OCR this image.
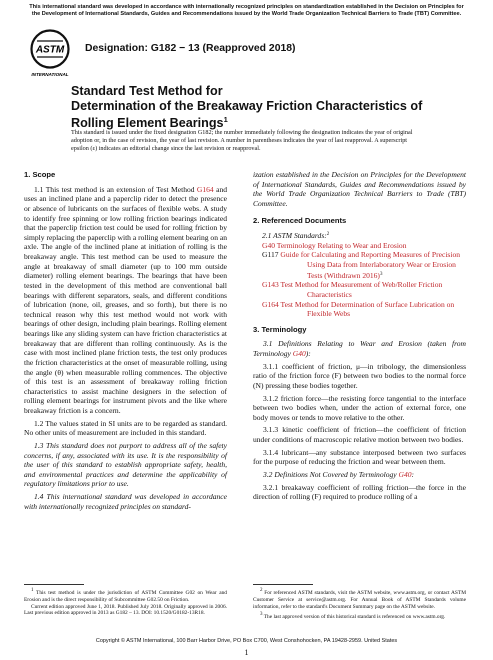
This international standard was developed in accordance with internationally recognized principles on standardization established in the Decision on Principles for the Development of International Standards, Guides and Recommendations issued by the World Trade Organization Technical Barriers to Trade (TBT) Committee.
ASTM
INTERNATIONAL
Designation: G182 − 13 (Reapproved 2018)
Standard Test Method for
Determination of the Breakaway Friction Characteristics of
Rolling Element Bearings$^1$
This standard is issued under the fixed designation G182; the number immediately following the designation indicates the year of original adoption or, in the case of revision, the year of last revision. A number in parentheses indicates the year of last reapproval. A superscript epsilon (ε) indicates an editorial change since the last revision or reapproval.
1. Scope

1.1 This test method is an extension of Test Method G164 and uses an inclined plane and a paperclip rider to detect the presence or absence of lubricants on the surfaces of flexible webs. A study to identify free spinning or low rolling friction bearings indicated that the paperclip friction test could be used for rolling friction by simply replacing the paperclip with a rolling element bearing on an axle. The angle of the inclined plane at initiation of rolling is the breakaway angle. This test method can be used to measure the angle at breakaway of small diameter (up to 100 mm outside diameter) rolling element bearings. The bearings that have been tested in the development of this method are conventional ball bearings with different separators, seals, and different conditions of lubrication (none, oil, greases, and so forth), but there is no technical reason why this test method would not work with bearings of other design, including plain bearings. Rolling element bearings like any sliding system can have friction characteristics at breakaway that are different than rolling continuously. As is the case with most inclined plane friction tests, the test only produces the friction characteristics at the onset of measurable rolling, using the angle (θ) when measurable rolling commences. The objective of this test is an assessment of breakaway rolling friction characteristics to assist machine designers in the selection of rolling element bearings for instrument pivots and the like where breakaway friction is a concern.

1.2 The values stated in SI units are to be regarded as standard. No other units of measurement are included in this standard.

1.3 This standard does not purport to address all of the safety concerns, if any, associated with its use. It is the responsibility of the user of this standard to establish appropriate safety, health, and environmental practices and determine the applicability of regulatory limitations prior to use.

1.4 This international standard was developed in accordance with internationally recognized principles on standard-

ization established in the Decision on Principles for the Development of International Standards, Guides and Recommendations issued by the World Trade Organization Technical Barriers to Trade (TBT) Committee.

2. Referenced Documents
2.1 ASTM Standards:$^2$
G40 Terminology Relating to Wear and Erosion
G117 Guide for Calculating and Reporting Measures of Precision Using Data from Interlaboratory Wear or Erosion Tests (Withdrawn 2016)$^3$
G143 Test Method for Measurement of Web/Roller Friction Characteristics
G164 Test Method for Determination of Surface Lubrication on Flexible Webs
3. Terminology

3.1 Definitions Relating to Wear and Erosion (taken from Terminology G40):

3.1.1 coefficient of friction, μ—in tribology, the dimensionless ratio of the friction force (F) between two bodies to the normal force (N) pressing these bodies together.

3.1.2 friction force—the resisting force tangential to the interface between two bodies when, under the action of external force, one body moves or tends to move relative to the other.

3.1.3 kinetic coefficient of friction—the coefficient of friction under conditions of macroscopic relative motion between two bodies.

3.1.4 lubricant—any substance interposed between two surfaces for the purpose of reducing the friction and wear between them.

3.2 Definitions Not Covered by Terminology G40:

3.2.1 breakaway coefficient of rolling friction—the force in the direction of rolling (F) required to produce rolling of a

1 This test method is under the jurisdiction of ASTM Committee G02 on Wear and Erosion and is the direct responsibility of Subcommittee G02.50 on Friction.

Current edition approved June 1, 2018. Published July 2018. Originally approved in 2006. Last previous edition approved in 2013 as G182 – 13. DOI: 10.1520/G0182-13R18.

2 For referenced ASTM standards, visit the ASTM website, www.astm.org, or contact ASTM Customer Service at service@astm.org. For Annual Book of ASTM Standards volume information, refer to the standard's Document Summary page on the ASTM website.

3 The last approved version of this historical standard is referenced on www.astm.org.

Copyright © ASTM International, 100 Barr Harbor Drive, PO Box C700, West Conshohocken, PA 19428-2959. United States
1
